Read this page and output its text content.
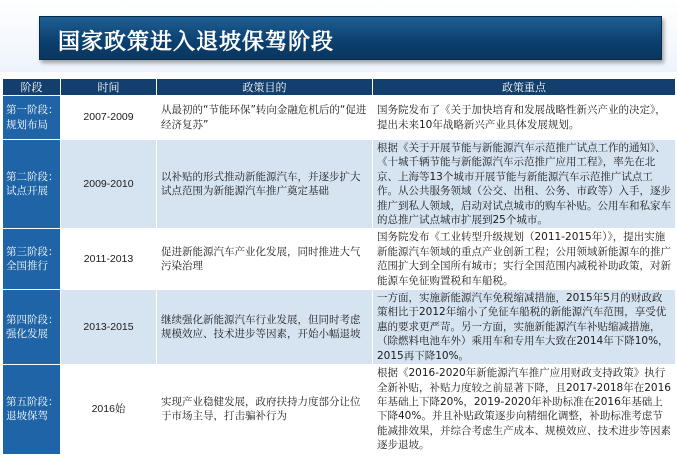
国家政策进入退坡保驾阶段
阶段	时间	政策目的	政策重点
第一阶段：规划布局	2007-2009	从最初的“节能环保”转向金融危机后的“促进经济复苏”	国务院发布了《关于加快培育和发展战略性新兴产业的决定》，提出未来10年战略新兴产业具体发展规划。
第二阶段：试点开展	2009-2010	以补贴的形式推动新能源汽车，并逐步扩大试点范围为新能源汽车推广奠定基础	根据《关于开展节能与新能源汽车示范推广试点工作的通知》、《十城千辆节能与新能源汽车示范推广应用工程》，率先在北京、上海等13个城市开展节能与新能源汽车示范推广试点工作。从公共服务领域（公交、出租、公务、市政等）入手，逐步推广到私人领域，启动对试点城市的购车补贴。公用车和私家车的总推广试点城市扩展到25个城市。
第三阶段：全国推行	2011-2013	促进新能源汽车产业化发展，同时推进大气污染治理	国务院发布《工业转型升级规划（2011-2015年）》，提出实施新能源汽车领域的重点产业创新工程；公用领域新能源车的推广范围扩大到全国所有城市；实行全国范围内减税补助政策，对新能源车免征购置税和车船税。
第四阶段：强化发展	2013-2015	继续强化新能源汽车行业发展，但同时考虑规模效应、技术进步等因素，开始小幅退坡	一方面，实施新能源汽车免税缩减措施，2015年5月的财政政策相比于2012年缩小了免征车船税的新能源汽车范围，享受优惠的要求更严苛。另一方面，实施新能源汽车补贴缩减措施，（除燃料电池车外）乘用车和专用车大致在2014年下降10%，2015再下降10%。
第五阶段：退坡保驾	2016始	实现产业稳健发展，政府扶持力度部分让位于市场主导，打击骗补行为	根据《2016-2020年新能源汽车推广应用财政支持政策》执行全新补贴，补贴力度较之前显著下降，且2017-2018年在2016年基础上下降20%，2019-2020年补助标准在2016年基础上下降40%。并且补贴政策逐步向精细化调整，补助标准考虑节能减排效果，并综合考虑生产成本、规模效应、技术进步等因素逐步退坡。
